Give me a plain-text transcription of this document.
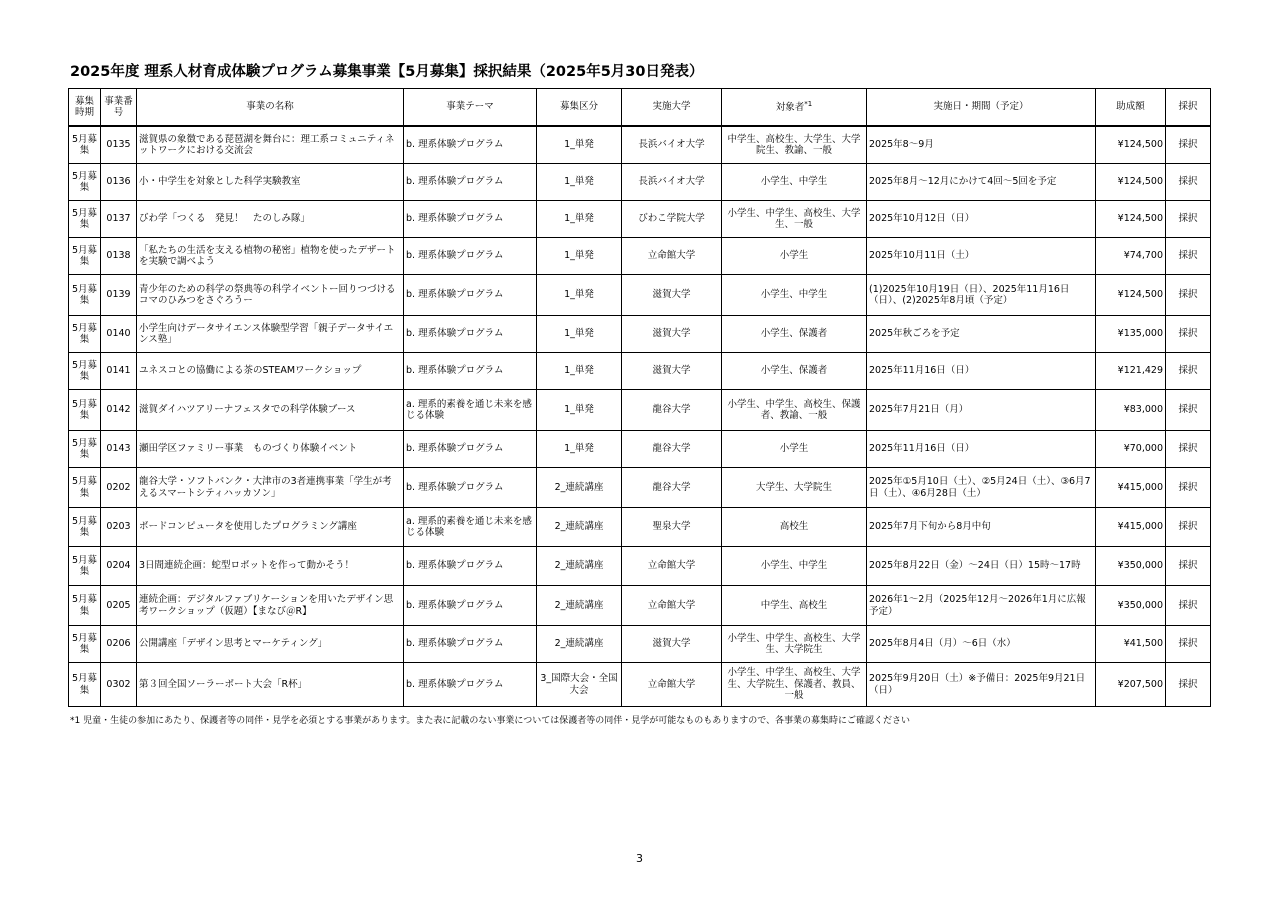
2025年度 理系人材育成体験プログラム募集事業【5月募集】採択結果（2025年5月30日発表）
募集時期	事業番号	事業の名称	事業テーマ	募集区分	実施大学	対象者$^{*1}$	実施日・期間（予定）	助成額	採択
5月募集	0135	滋賀県の象徴である琵琶湖を舞台に：理工系コミュニティネットワークにおける交流会	b. 理系体験プログラム	1_単発	長浜バイオ大学	中学生、高校生、大学生、大学院生、教諭、一般	2025年8～9月	¥124,500	採択
5月募集	0136	小・中学生を対象とした科学実験教室	b. 理系体験プログラム	1_単発	長浜バイオ大学	小学生、中学生	2025年8月～12月にかけて4回～5回を予定	¥124,500	採択
5月募集	0137	びわ学「つくる　発見！　たのしみ隊」	b. 理系体験プログラム	1_単発	びわこ学院大学	小学生、中学生、高校生、大学生、一般	2025年10月12日（日）	¥124,500	採択
5月募集	0138	「私たちの生活を支える植物の秘密」植物を使ったデザートを実験で調べよう	b. 理系体験プログラム	1_単発	立命館大学	小学生	2025年10月11日（土）	¥74,700	採択
5月募集	0139	青少年のための科学の祭典等の科学イベントー回りつづけるコマのひみつをさぐろうー	b. 理系体験プログラム	1_単発	滋賀大学	小学生、中学生	(1)2025年10月19日（日）、2025年11月16日（日）、(2)2025年8月頃（予定）	¥124,500	採択
5月募集	0140	小学生向けデータサイエンス体験型学習「親子データサイエンス塾」	b. 理系体験プログラム	1_単発	滋賀大学	小学生、保護者	2025年秋ごろを予定	¥135,000	採択
5月募集	0141	ユネスコとの協働による茶のSTEAMワークショップ	b. 理系体験プログラム	1_単発	滋賀大学	小学生、保護者	2025年11月16日（日）	¥121,429	採択
5月募集	0142	滋賀ダイハツアリーナフェスタでの科学体験ブース	a. 理系的素養を通じ未来を感じる体験	1_単発	龍谷大学	小学生、中学生、高校生、保護者、教諭、一般	2025年7月21日（月）	¥83,000	採択
5月募集	0143	瀬田学区ファミリー事業　ものづくり体験イベント	b. 理系体験プログラム	1_単発	龍谷大学	小学生	2025年11月16日（日）	¥70,000	採択
5月募集	0202	龍谷大学・ソフトバンク・大津市の3者連携事業「学生が考えるスマートシティハッカソン」	b. 理系体験プログラム	2_連続講座	龍谷大学	大学生、大学院生	2025年①5月10日（土）、②5月24日（土）、③6月7日（土）、④6月28日（土）	¥415,000	採択
5月募集	0203	ボードコンピュータを使用したプログラミング講座	a. 理系的素養を通じ未来を感じる体験	2_連続講座	聖泉大学	高校生	2025年7月下旬から8月中旬	¥415,000	採択
5月募集	0204	3日間連続企画：蛇型ロボットを作って動かそう！	b. 理系体験プログラム	2_連続講座	立命館大学	小学生、中学生	2025年8月22日（金）～24日（日）15時～17時	¥350,000	採択
5月募集	0205	連続企画：デジタルファブリケーションを用いたデザイン思考ワークショップ（仮題）【まなび＠R】	b. 理系体験プログラム	2_連続講座	立命館大学	中学生、高校生	2026年1～2月（2025年12月～2026年1月に広報予定）	¥350,000	採択
5月募集	0206	公開講座「デザイン思考とマーケティング」	b. 理系体験プログラム	2_連続講座	滋賀大学	小学生、中学生、高校生、大学生、大学院生	2025年8月4日（月）～6日（水）	¥41,500	採択
5月募集	0302	第３回全国ソーラーボート大会「R杯」	b. 理系体験プログラム	3_国際大会・全国大会	立命館大学	小学生、中学生、高校生、大学生、大学院生、保護者、教員、一般	2025年9月20日（土）※予備日：2025年9月21日（日）	¥207,500	採択
*1 児童・生徒の参加にあたり、保護者等の同伴・見学を必須とする事業があります。また表に記載のない事業については保護者等の同伴・見学が可能なものもありますので、各事業の募集時にご確認ください
3
